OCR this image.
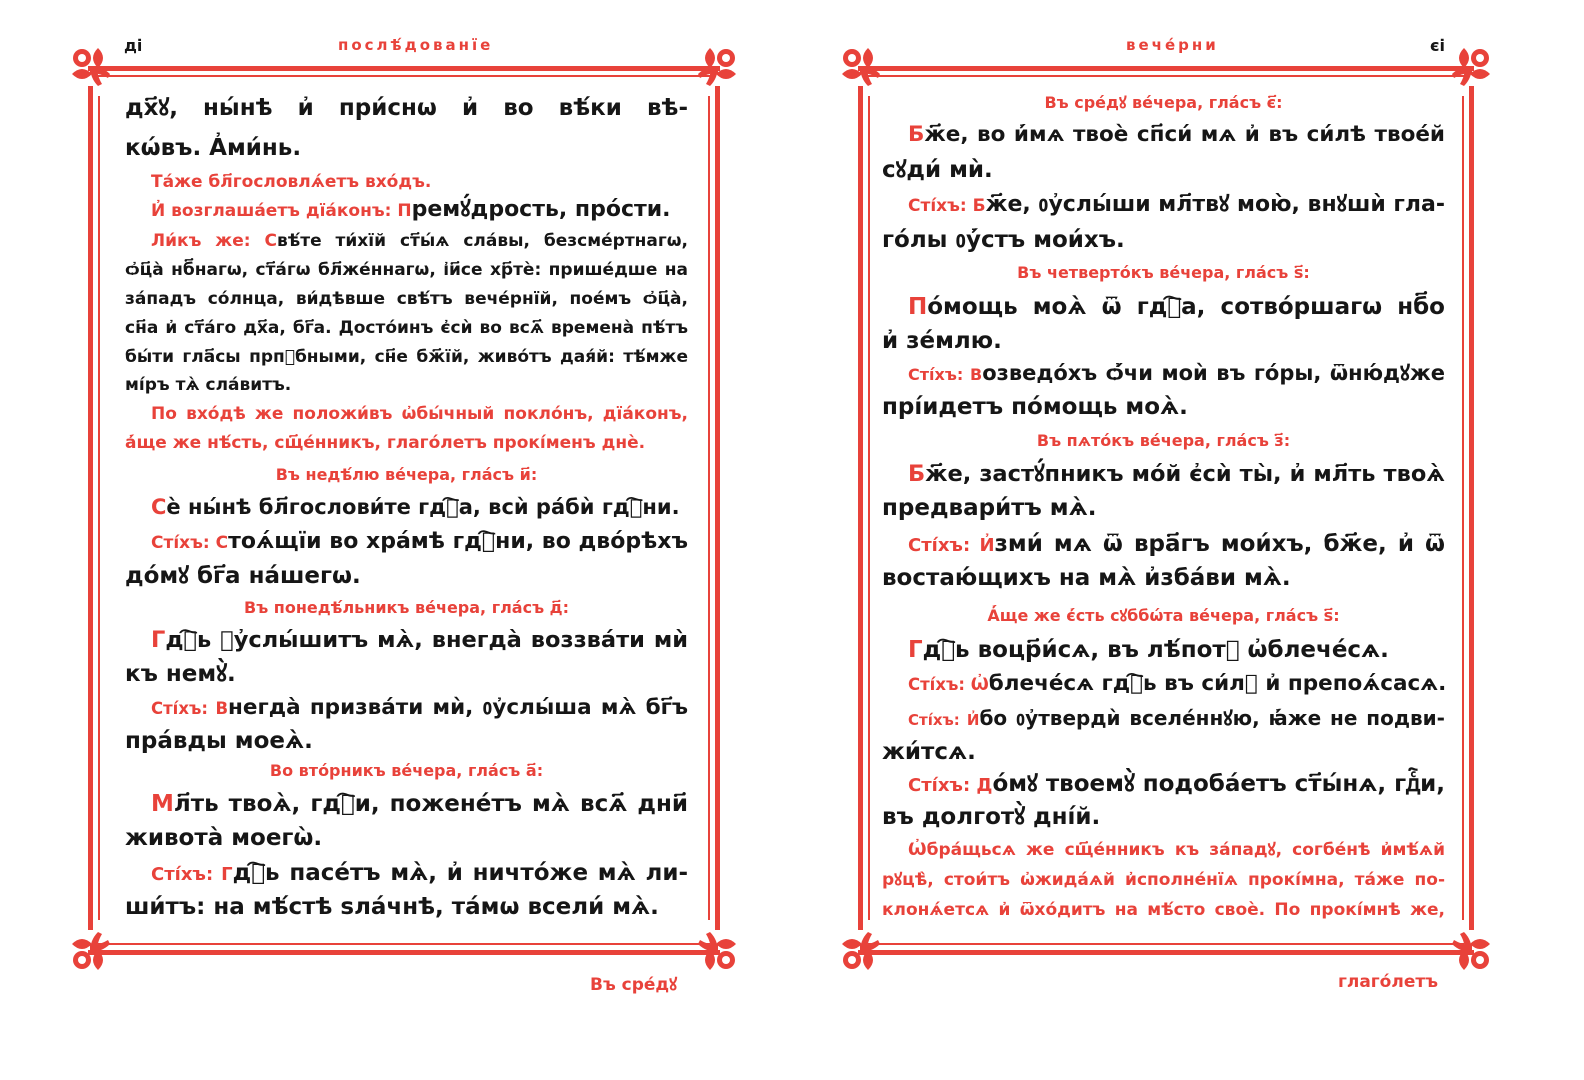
ді	послѣ́дованїе
дх҃ꙋ, ны́нѣ и҆ при́снѡ и҆ во вѣ́ки вѣ-
кѡ́въ. А҆ми́нь.
Та́же бл҃гословлѧ́етъ вхо́дъ.
И҆ возглаша́етъ дїа́конъ: Премꙋ́дрость, про́сти.
Ли́къ же: Свѣ́те ти́хїй ст҃ы́ѧ сла́вы, безсме́ртнагѡ,
ѻ҆ц҃а̀ нб҃нагѡ, ст҃а́гѡ бл҃же́ннагѡ, і҆и҃се хр҃тѐ: прише́дше на
за́падъ со́лнца, ви́дѣвше свѣ́тъ вече́рнїй, пое́мъ ѻ҆ц҃а̀,
сн҃а и҆ ст҃а́го дх҃а, бг҃а. Досто́инъ є҆сѝ во всѧ҃ времена̀ пѣ́тъ
бы́ти гла҃сы прпⷣбными, сн҃е бж҃їй, живо́тъ дая́й: тѣ́мже
мі́ръ тѧ̀ сла́витъ.
По вхо́дѣ же положи́въ ѡ҆бы́чный покло́нъ, дїа́конъ,
а҆́ще же нѣ́сть, сщ҃е́нникъ, глаго́летъ прокі́менъ днѐ.
Въ недѣ́лю ве́чера, гла́съ и҃:
Сѐ ны́нѣ бл҃гослови́те гдⷭ҇а, всѝ ра́бѝ гдⷭ҇ни.
Сті́хъ: Стоѧ́щїи во хра́мѣ гдⷭ҇ни, во дво́рѣхъ
до́мꙋ бг҃а на́шегѡ.
Въ понедѣ́льникъ ве́чера, гла́съ д҃:
Гдⷭ҇ь ᲂу҆слы́шитъ мѧ̀, внегда̀ воззва́ти мѝ
къ немꙋ̀.
Сті́хъ: Внегда̀ призва́ти мѝ, ᲂу҆слы́ша мѧ̀ бг҃ъ
пра́вды моеѧ̀.
Во вто́рникъ ве́чера, гла́съ а҃:
Мл҃ть твоѧ̀, гдⷭ҇и, пожене́тъ мѧ̀ всѧ҃ дни҃
живота̀ моегѡ̀.
Сті́хъ: Гдⷭ҇ь пасе́тъ мѧ̀, и҆ ничто́же мѧ̀ ли-
ши́тъ: на мѣ́стѣ ѕла́чнѣ, та́мѡ всели́ мѧ̀.
Въ сре́дꙋ
вече́рни	єі
Въ сре́дꙋ ве́чера, гла́съ є҃:
Бж҃е, во и҆́мѧ твоѐ сп҃си́ мѧ и҆ въ си́лѣ твое́й
сꙋди́ мѝ.
Сті́хъ: Бж҃е, ᲂу҆слы́ши мл҃твꙋ мою̀, внꙋшѝ гла-
го́лы ᲂу҆́стъ мои́хъ.
Въ четверто́къ ве́чера, гла́съ ѕ҃:
По́мощь моѧ̀ ѿ гдⷭ҇а, сотво́ршагѡ нб҃о
и҆ зе́млю.
Сті́хъ: Возведо́хъ ѻ҆́чи моѝ въ го́ры, ѿню́дꙋже
прі́идетъ по́мощь моѧ̀.
Въ пѧто́къ ве́чера, гла́съ з҃:
Бж҃е, застꙋ́пникъ мо́й є҆сѝ ты̀, и҆ мл҃ть твоѧ̀
предвари́тъ мѧ̀.
Сті́хъ: И҆зми́ мѧ ѿ вра҃гъ мои́хъ, бж҃е, и҆ ѿ
востаю́щихъ на мѧ̀ и҆зба́ви мѧ̀.
А҆́ще же є҆́сть сꙋббѡ́та ве́чера, гла́съ ѕ҃:
Гдⷭ҇ь воцр҃и́сѧ, въ лѣ́потꙋ ѡ҆блече́сѧ.
Сті́хъ: Ѡ҆блече́сѧ гдⷭ҇ь въ си́лꙋ и҆ препоѧ́сасѧ.
Сті́хъ: И҆бо ᲂу҆твердѝ вселе́ннꙋю, ꙗ҆́же не подви-
жи́тсѧ.
Сті́хъ: До́мꙋ твоемꙋ̀ подоба́етъ ст҃ы́нѧ, гдⷭ҇и,
въ долготꙋ̀ дні́й.
Ѡ҆бра́щьсѧ же сщ҃е́нникъ къ за́падꙋ, согбе́нѣ и҆мѣ́ѧй
рꙋцѣ̀, стои́тъ ѡ҆жида́ѧй и҆сполне́нїѧ прокі́мна, та́же по-
клонѧ́етсѧ и҆ ѿхо́дитъ на мѣ́сто своѐ. По прокі́мнѣ же,
глаго́летъ
